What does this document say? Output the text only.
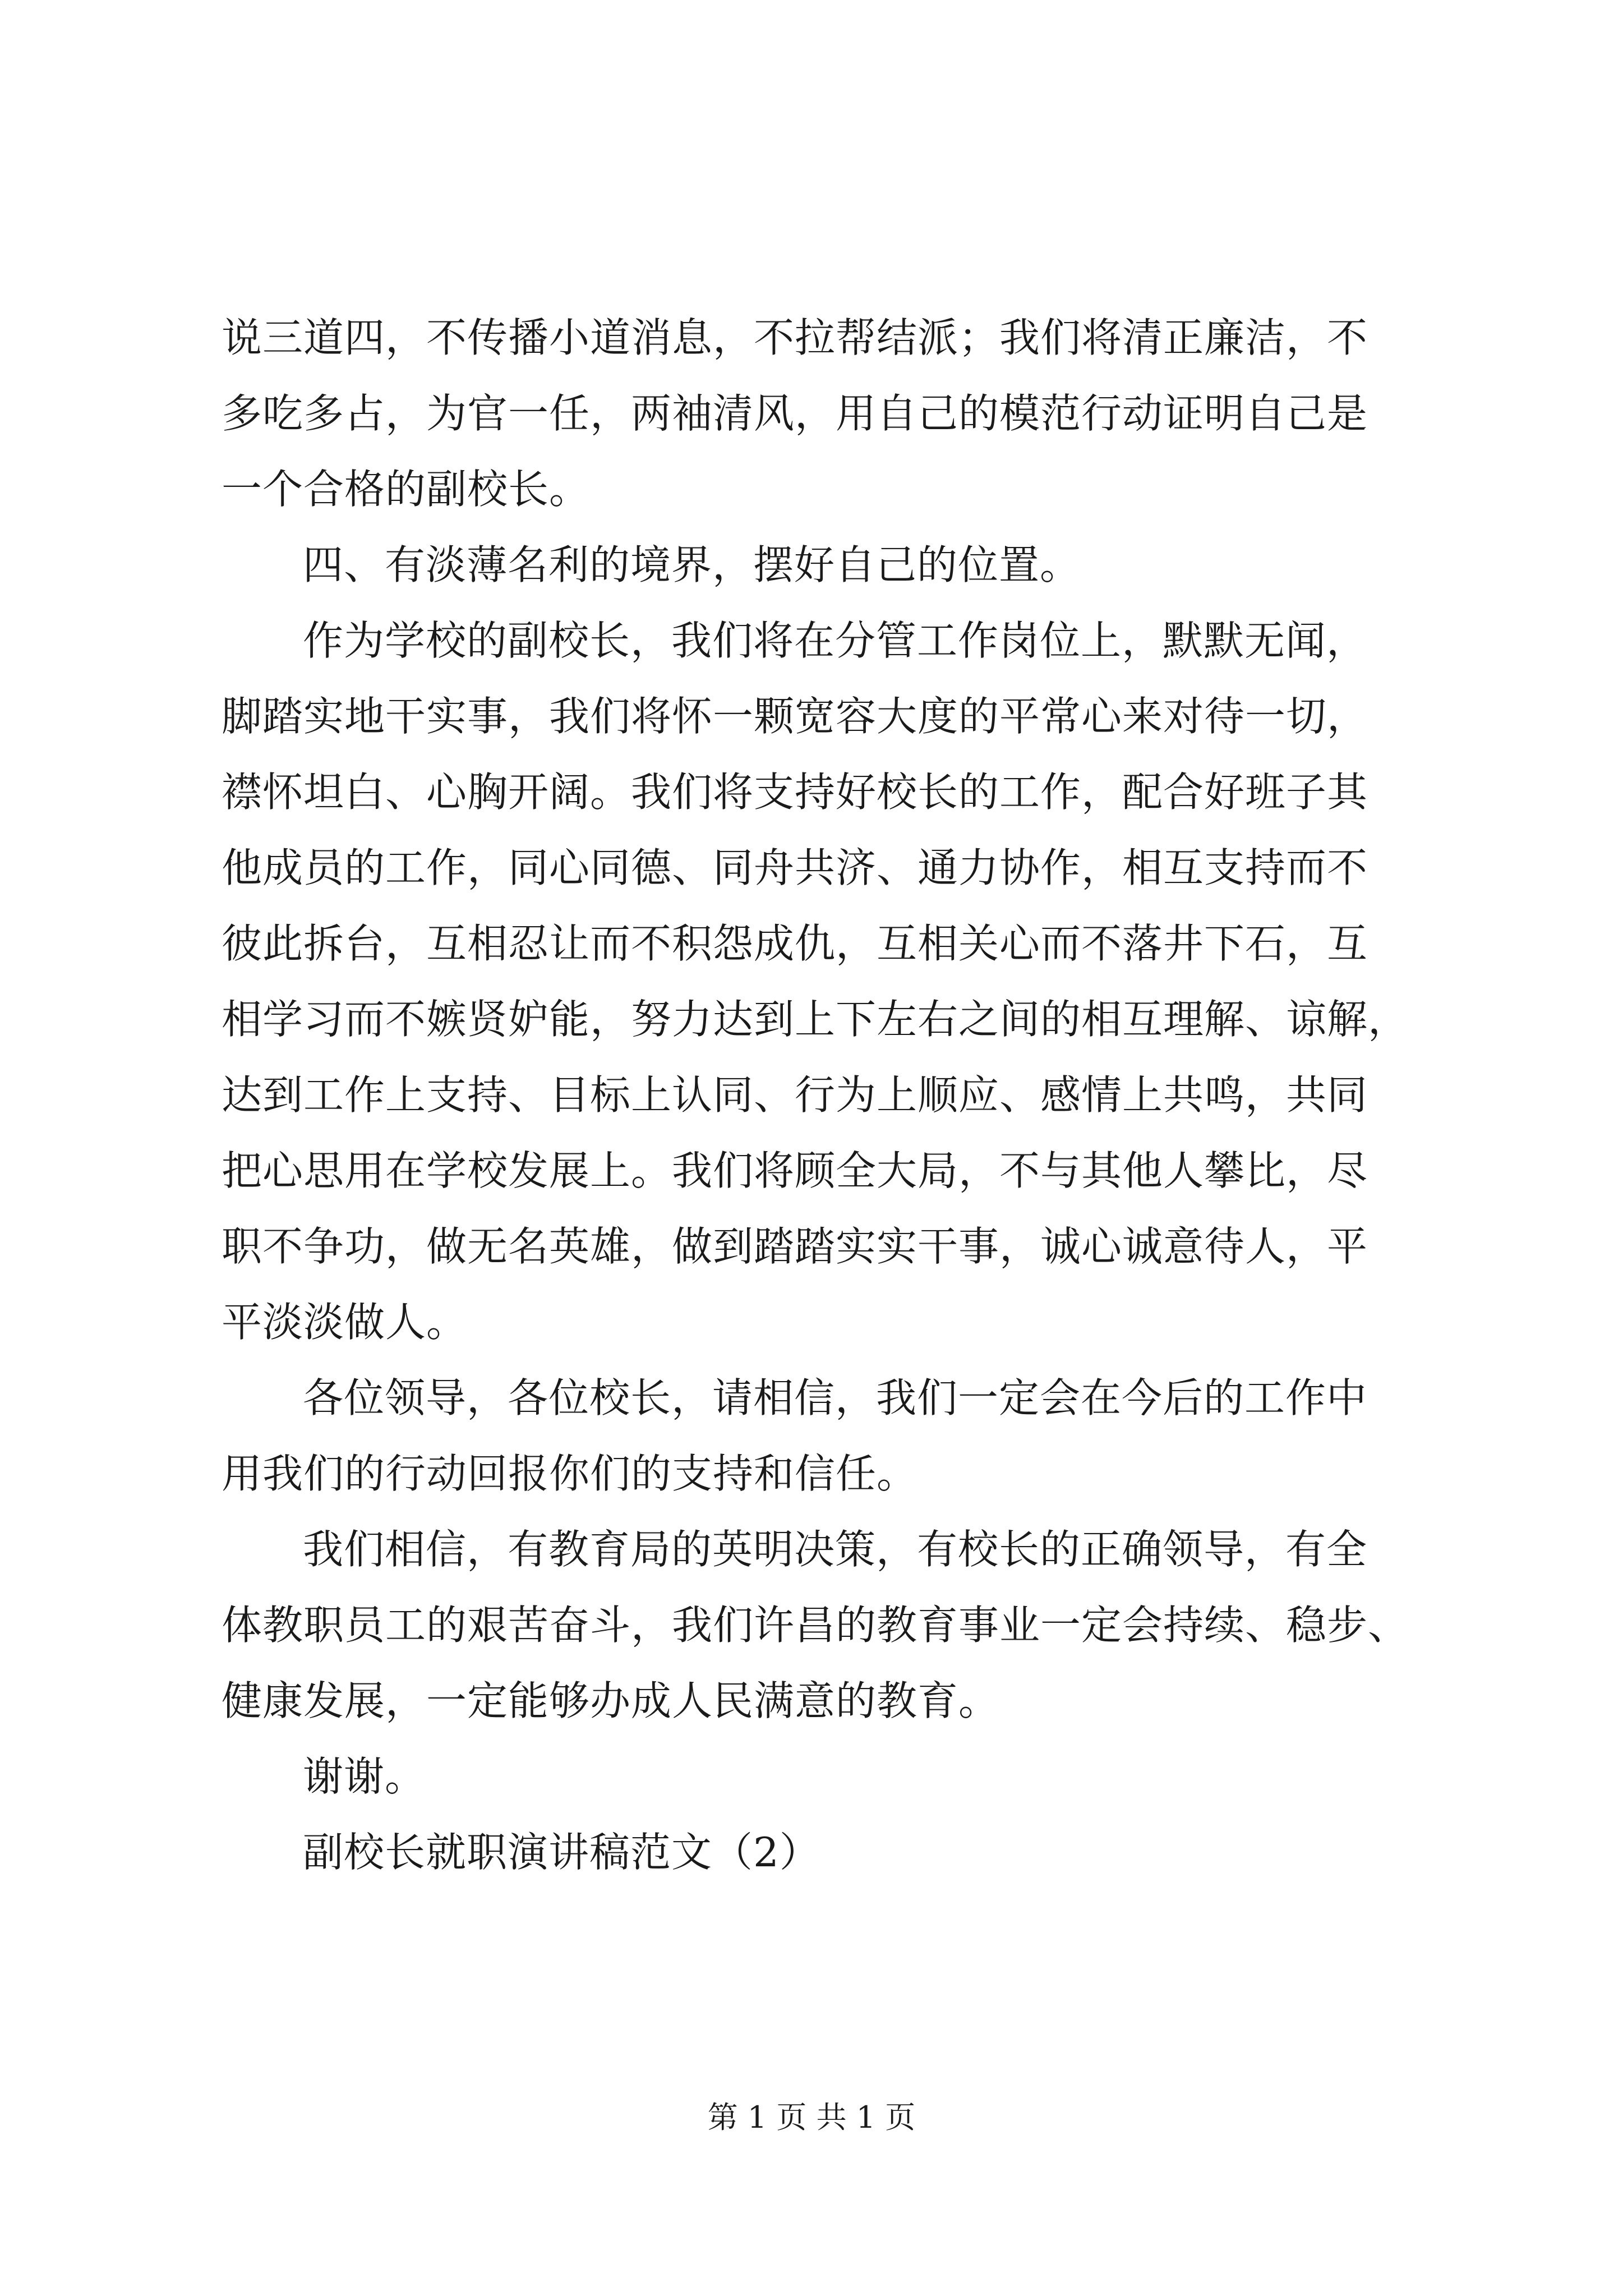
说三道四，不传播小道消息，不拉帮结派；我们将清正廉洁，不
多吃多占，为官一任，两袖清风，用自己的模范行动证明自己是
一个合格的副校长。
四、有淡薄名利的境界，摆好自己的位置。
作为学校的副校长，我们将在分管工作岗位上，默默无闻，
脚踏实地干实事，我们将怀一颗宽容大度的平常心来对待一切，
襟怀坦白、心胸开阔。我们将支持好校长的工作，配合好班子其
他成员的工作，同心同德、同舟共济、通力协作，相互支持而不
彼此拆台，互相忍让而不积怨成仇，互相关心而不落井下石，互
相学习而不嫉贤妒能，努力达到上下左右之间的相互理解、谅解，
达到工作上支持、目标上认同、行为上顺应、感情上共鸣，共同
把心思用在学校发展上。我们将顾全大局，不与其他人攀比，尽
职不争功，做无名英雄，做到踏踏实实干事，诚心诚意待人，平
平淡淡做人。
各位领导，各位校长，请相信，我们一定会在今后的工作中
用我们的行动回报你们的支持和信任。
我们相信，有教育局的英明决策，有校长的正确领导，有全
体教职员工的艰苦奋斗，我们许昌的教育事业一定会持续、稳步、
健康发展，一定能够办成人民满意的教育。
谢谢。
副校长就职演讲稿范文（2）
第 1 页 共 1 页
